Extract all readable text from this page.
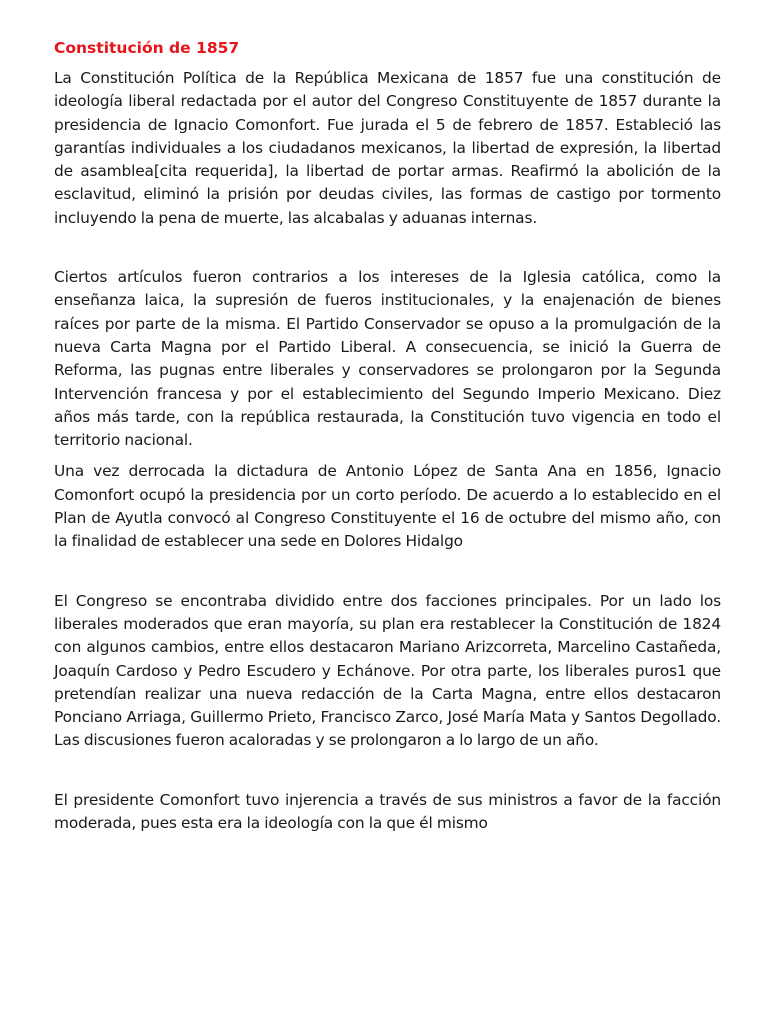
Constitución de 1857

La Constitución Política de la República Mexicana de 1857 fue una constitución de ideología liberal redactada por el autor del Congreso Constituyente de 1857 durante la presidencia de Ignacio Comonfort. Fue jurada el 5 de febrero de 1857. Estableció las garantías individuales a los ciudadanos mexicanos, la libertad de expresión, la libertad de asamblea[cita requerida], la libertad de portar armas. Reafirmó la abolición de la esclavitud, eliminó la prisión por deudas civiles, las formas de castigo por tormento incluyendo la pena de muerte, las alcabalas y aduanas internas.

Ciertos artículos fueron contrarios a los intereses de la Iglesia católica, como la enseñanza laica, la supresión de fueros institucionales, y la enajenación de bienes raíces por parte de la misma. El Partido Conservador se opuso a la promulgación de la nueva Carta Magna por el Partido Liberal. A consecuencia, se inició la Guerra de Reforma, las pugnas entre liberales y conservadores se prolongaron por la Segunda Intervención francesa y por el establecimiento del Segundo Imperio Mexicano. Diez años más tarde, con la república restaurada, la Constitución tuvo vigencia en todo el territorio nacional.

Una vez derrocada la dictadura de Antonio López de Santa Ana en 1856, Ignacio Comonfort ocupó la presidencia por un corto período. De acuerdo a lo establecido en el Plan de Ayutla convocó al Congreso Constituyente el 16 de octubre del mismo año, con la finalidad de establecer una sede en Dolores Hidalgo

El Congreso se encontraba dividido entre dos facciones principales. Por un lado los liberales moderados que eran mayoría, su plan era restablecer la Constitución de 1824 con algunos cambios, entre ellos destacaron Mariano Arizcorreta, Marcelino Castañeda, Joaquín Cardoso y Pedro Escudero y Echánove. Por otra parte, los liberales puros1 que pretendían realizar una nueva redacción de la Carta Magna, entre ellos destacaron Ponciano Arriaga, Guillermo Prieto, Francisco Zarco, José María Mata y Santos Degollado. Las discusiones fueron acaloradas y se prolongaron a lo largo de un año.

El presidente Comonfort tuvo injerencia a través de sus ministros a favor de la facción moderada, pues esta era la ideología con la que él mismo
